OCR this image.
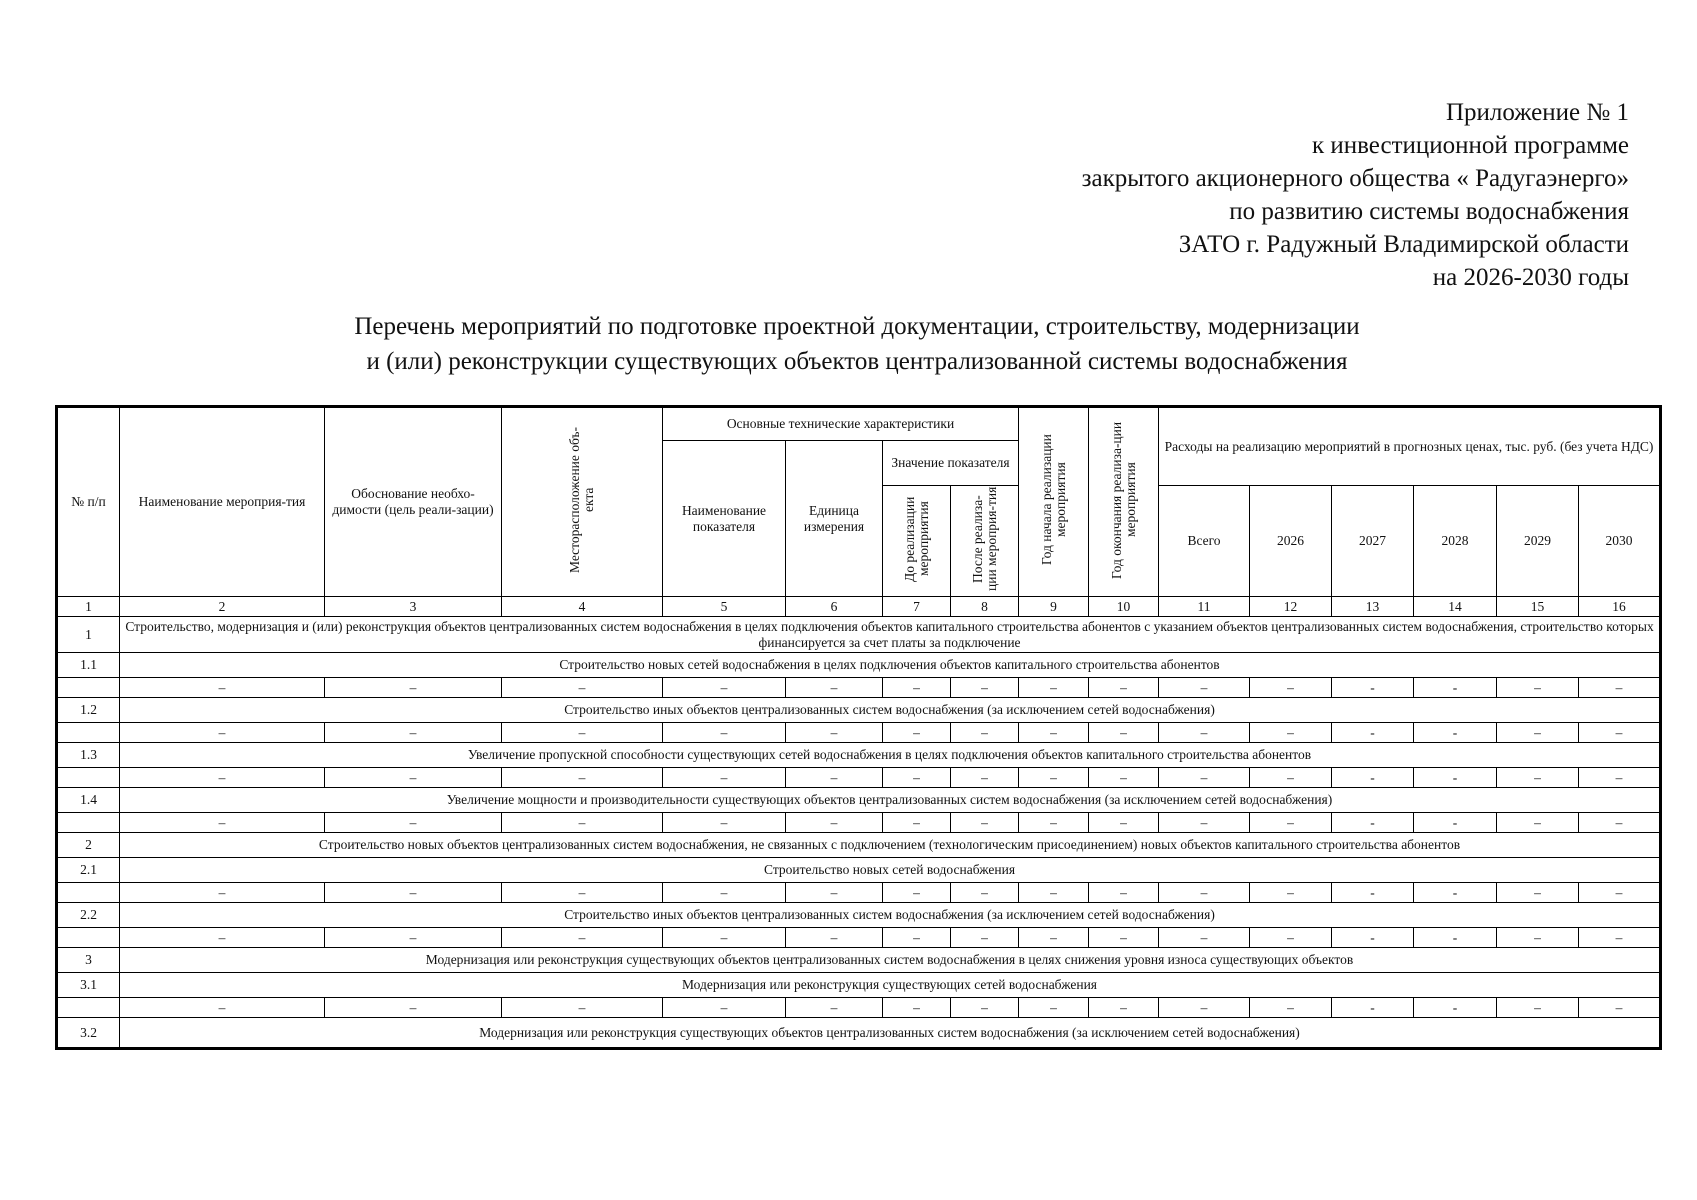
Приложение № 1
к инвестиционной программе
закрытого акционерного общества « Радугаэнерго»
по развитию системы водоснабжения
ЗАТО г. Радужный Владимирской области
на 2026-2030 годы
Перечень мероприятий по подготовке проектной документации, строительству, модернизации
и (или) реконструкции существующих объектов централизованной системы водоснабжения
№ п/п	Наименование мероприя-тия	Обоснование необхо-димости (цель реали-зации)	Месторасположение объ-екта	Основные технические характеристики				Год начала реализации мероприятия	Год окончания реализа-ции мероприятия	Расходы на реализацию мероприятий в прогнозных ценах, тыс. руб. (без учета НДС)					
				Наименование показателя	Единица измерения	Значение показателя									
						До реализации мероприятия	После реализа-ции мероприя-тия			Всего	2026	2027	2028	2029	2030
1	2	3	4	5	6	7	8	9	10	11	12	13	14	15	16
1	Строительство, модернизация и (или) реконструкция объектов централизованных систем водоснабжения в целях подключения объектов капитального строительства абонентов с указанием объектов централизованных систем водоснабжения, строительство которых финансируется за счет платы за подключение														
1.1	Строительство новых сетей водоснабжения в целях подключения объектов капитального строительства абонентов														
	–	–	–	–	–	–	–	–	–	–	–	-	-	–	–
1.2	Строительство иных объектов централизованных систем водоснабжения (за исключением сетей водоснабжения)														
	–	–	–	–	–	–	–	–	–	–	–	-	-	–	–
1.3	Увеличение пропускной способности существующих сетей водоснабжения в целях подключения объектов капитального строительства абонентов														
	–	–	–	–	–	–	–	–	–	–	–	-	-	–	–
1.4	Увеличение мощности и производительности существующих объектов централизованных систем водоснабжения (за исключением сетей водоснабжения)														
	–	–	–	–	–	–	–	–	–	–	–	-	-	–	–
2	Строительство новых объектов централизованных систем водоснабжения, не связанных с подключением (технологическим присоединением) новых объектов капитального строительства абонентов														
2.1	Строительство новых сетей водоснабжения														
	–	–	–	–	–	–	–	–	–	–	–	-	-	–	–
2.2	Строительство иных объектов централизованных систем водоснабжения (за исключением сетей водоснабжения)														
	–	–	–	–	–	–	–	–	–	–	–	-	-	–	–
3	Модернизация или реконструкция существующих объектов централизованных систем водоснабжения в целях снижения уровня износа существующих объектов														
3.1	Модернизация или реконструкция существующих сетей водоснабжения														
	–	–	–	–	–	–	–	–	–	–	–	-	-	–	–
3.2	Модернизация или реконструкция существующих объектов централизованных систем водоснабжения (за исключением сетей водоснабжения)														
